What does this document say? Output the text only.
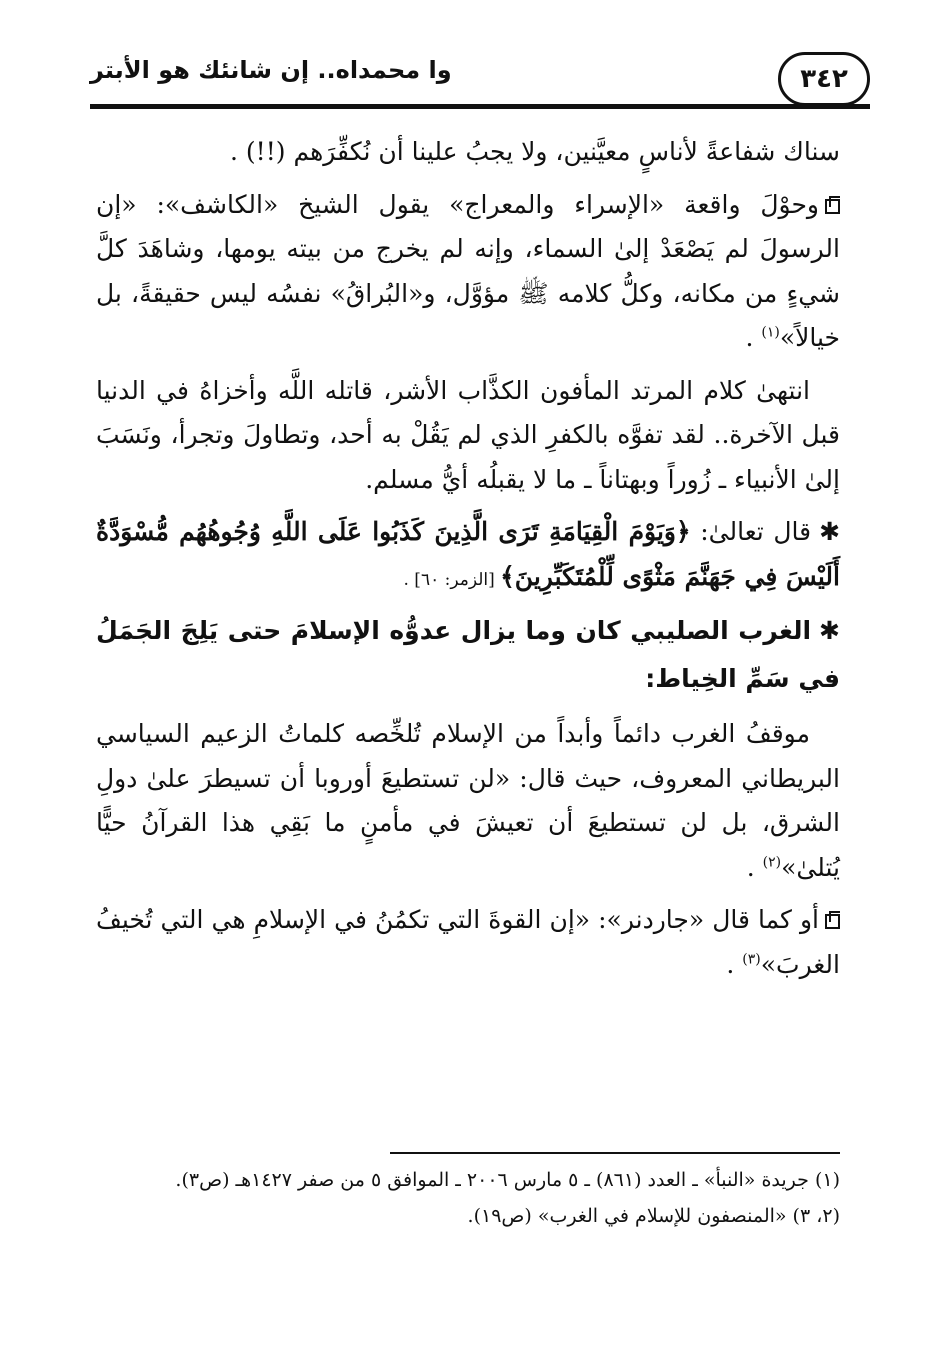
٣٤٢
وا محمداه.. إن شانئك هو الأبتر

سناك شفاعةً لأناسٍ معيَّنين، ولا يجبُ علينا أن نُكفِّرَهم (!!) .

وحوْلَ واقعة «الإسراء والمعراج» يقول الشيخ «الكاشف»: «إن الرسولَ لم يَصْعَدْ إلىٰ السماء، وإنه لم يخرج من بيته يومها، وشاهَدَ كلَّ شيءٍ من مكانه، وكلُّ كلامه ﷺ مؤوَّل، و«البُراقُ» نفسُه ليس حقيقةً، بل خيالاً»$^{(١)}$ .

انتهىٰ كلام المرتد المأفون الكذَّاب الأشر، قاتله اللَّه وأخزاهُ في الدنيا قبل الآخرة.. لقد تفوَّه بالكفرِ الذي لم يَقُلْ به أحد، وتطاولَ وتجرأ، ونَسَبَ إلىٰ الأنبياء ـ زُوراً وبهتاناً ـ ما لا يقبلُه أيُّ مسلم.

✱قال تعالىٰ: ﴿وَيَوْمَ الْقِيَامَةِ تَرَى الَّذِينَ كَذَبُوا عَلَى اللَّهِ وُجُوهُهُم مُّسْوَدَّةٌ أَلَيْسَ فِي جَهَنَّمَ مَثْوًى لِّلْمُتَكَبِّرِينَ﴾ [الزمر: ٦٠] .

✱الغرب الصليبي كان وما يزال عدوُّه الإسلامَ حتى يَلِجَ الجَمَلُ في سَمِّ الخِياط:

موقفُ الغرب دائماً وأبداً من الإسلام تُلخِّصه كلماتُ الزعيم السياسي البريطاني المعروف، حيث قال: «لن تستطيعَ أوروبا أن تسيطرَ علىٰ دولِ الشرق، بل لن تستطيعَ أن تعيشَ في مأمنٍ ما بَقِي هذا القرآنُ حيًّا يُتلىٰ»$^{(٢)}$ .

أو كما قال «جاردنر»: «إن القوةَ التي تكمُنُ في الإسلامِ هي التي تُخيفُ الغربَ»$^{(٣)}$ .

(١) جريدة «النبأ» ـ العدد (٨٦١) ـ ٥ مارس ٢٠٠٦ ـ الموافق ٥ من صفر ١٤٢٧هـ (ص٣).

(٢، ٣) «المنصفون للإسلام في الغرب» (ص١٩).
